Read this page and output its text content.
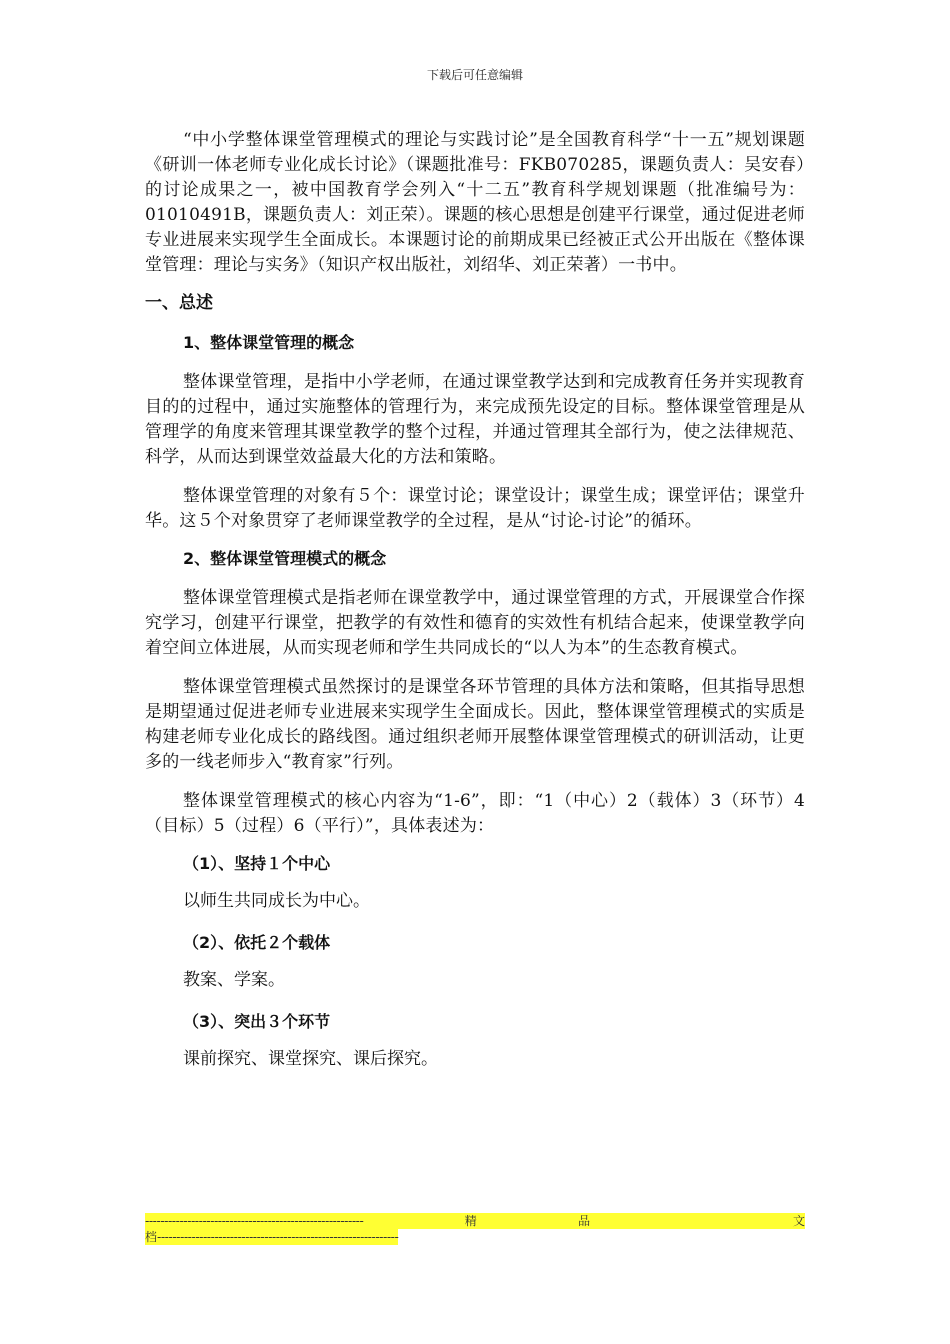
下载后可任意编辑

“中小学整体课堂管理模式的理论与实践讨论”是全国教育科学“十一五”规划课题《研训一体老师专业化成长讨论》（课题批准号：FKB070285，课题负责人：吴安春）的讨论成果之一，被中国教育学会列入“十二五”教育科学规划课题（批准编号为：01010491B，课题负责人：刘正荣）。课题的核心思想是创建平行课堂，通过促进老师专业进展来实现学生全面成长。本课题讨论的前期成果已经被正式公开出版在《整体课堂管理：理论与实务》（知识产权出版社，刘绍华、刘正荣著）一书中。

一、总述
1、整体课堂管理的概念

整体课堂管理，是指中小学老师，在通过课堂教学达到和完成教育任务并实现教育目的的过程中，通过实施整体的管理行为，来完成预先设定的目标。整体课堂管理是从管理学的角度来管理其课堂教学的整个过程，并通过管理其全部行为，使之法律规范、科学，从而达到课堂效益最大化的方法和策略。

整体课堂管理的对象有５个：课堂讨论；课堂设计；课堂生成；课堂评估；课堂升华。这５个对象贯穿了老师课堂教学的全过程，是从“讨论-讨论”的循环。

2、整体课堂管理模式的概念

整体课堂管理模式是指老师在课堂教学中，通过课堂管理的方式，开展课堂合作探究学习，创建平行课堂，把教学的有效性和德育的实效性有机结合起来，使课堂教学向着空间立体进展，从而实现老师和学生共同成长的“以人为本”的生态教育模式。

整体课堂管理模式虽然探讨的是课堂各环节管理的具体方法和策略，但其指导思想是期望通过促进老师专业进展来实现学生全面成长。因此，整体课堂管理模式的实质是构建老师专业化成长的路线图。通过组织老师开展整体课堂管理模式的研训活动，让更多的一线老师步入“教育家”行列。

整体课堂管理模式的核心内容为“1-6”，即：“1（中心）2（载体）3（环节）4（目标）5（过程）6（平行）”，具体表述为：

（1）、坚持１个中心

以师生共同成长为中心。

（2）、依托２个载体

教案、学案。

（3）、突出３个环节

课前探究、课堂探究、课后探究。

---------------------------------------------------------	精	品	文
档---------------------------------------------------------------
